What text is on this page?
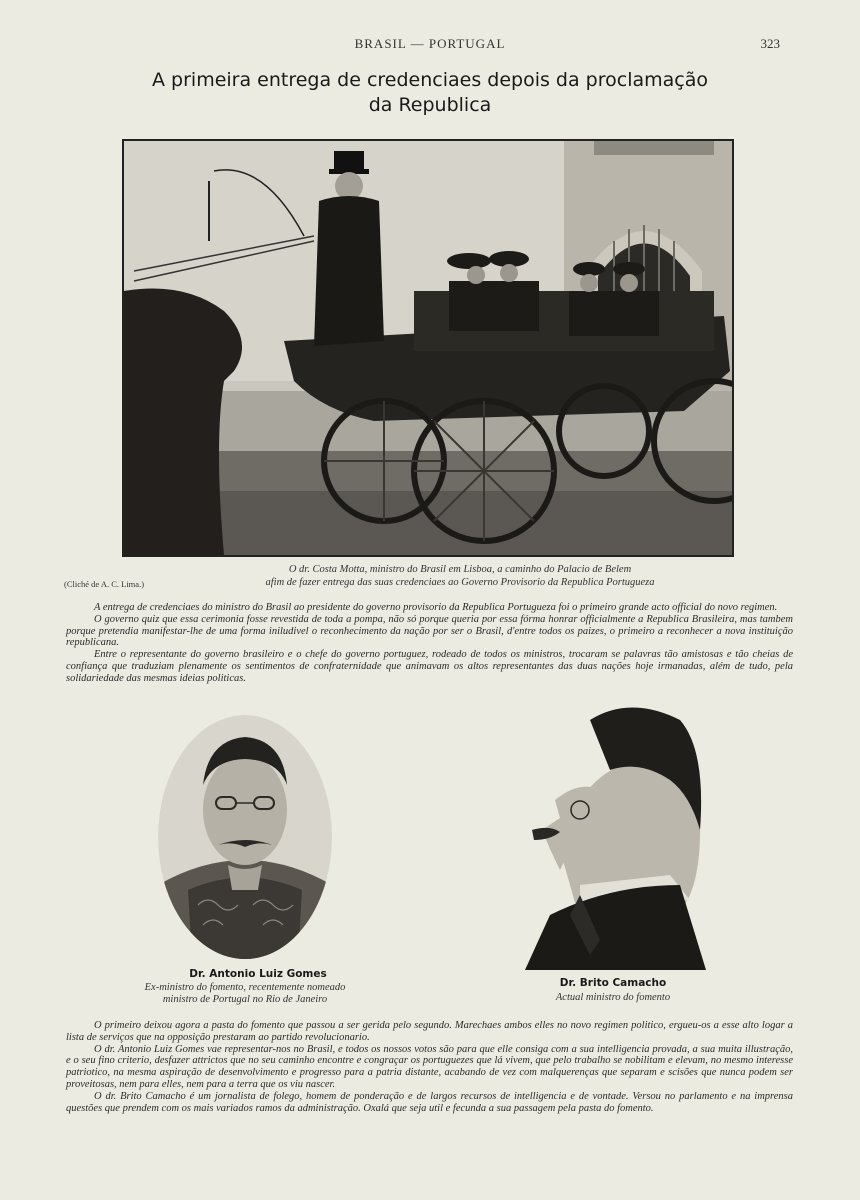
BRASIL — PORTUGAL	323
A primeira entrega de credenciaes depois da proclamação
da Republica
O dr. Costa Motta, ministro do Brasil em Lisboa, a caminho do Palacio de Belem
afim de fazer entrega das suas credenciaes ao Governo Provisorio da Republica Portugueza
(Cliché de A. C. Lima.)

A entrega de credenciaes do ministro do Brasil ao presidente do governo provisorio da Republica Portugueza foi o primeiro grande acto official do novo regimen.

O governo quiz que essa cerimonia fosse revestida de toda a pompa, não só porque queria por essa fórma honrar officialmente a Republica Brasileira, mas tambem porque pretendia manifestar-lhe de uma forma iniludivel o reconhecimento da nação por ser o Brasil, d'entre todos os paizes, o primeiro a reconhecer a nova instituição republicana.

Entre o representante do governo brasileiro e o chefe do governo portuguez, rodeado de todos os ministros, trocaram se palavras tão amistosas e tão cheias de confiança que traduziam plenamente os sentimentos de confraternidade que animavam os altos representantes das duas nações hoje irmanadas, além de tudo, pela solidariedade das mesmas ideias politicas.

Dr. Antonio Luiz Gomes
Ex-ministro do fomento, recentemente nomeado
ministro de Portugal no Rio de Janeiro
Dr. Brito Camacho
Actual ministro do fomento

O primeiro deixou agora a pasta do fomento que passou a ser gerida pelo segundo. Marechaes ambos elles no novo regimen politico, ergueu-os a esse alto logar a lista de serviços que na opposição prestaram ao partido revolucionario.

O dr. Antonio Luiz Gomes vae representar-nos no Brasil, e todos os nossos votos são para que elle consiga com a sua intelligencia provada, a sua muita illustração, e o seu fino criterio, desfazer attrictos que no seu caminho encontre e congraçar os portuguezes que lá vivem, que pelo trabalho se nobilitam e elevam, no mesmo interesse patriotico, na mesma aspiração de desenvolvimento e progresso para a patria distante, acabando de vez com malquerenças que separam e scisões que nunca podem ser proveitosas, nem para elles, nem para a terra que os viu nascer.

O dr. Brito Camacho é um jornalista de folego, homem de ponderação e de largos recursos de intelligencia e de vontade. Versou no parlamento e na imprensa questões que prendem com os mais variados ramos da administração. Oxalá que seja util e fecunda a sua passagem pela pasta do fomento.
